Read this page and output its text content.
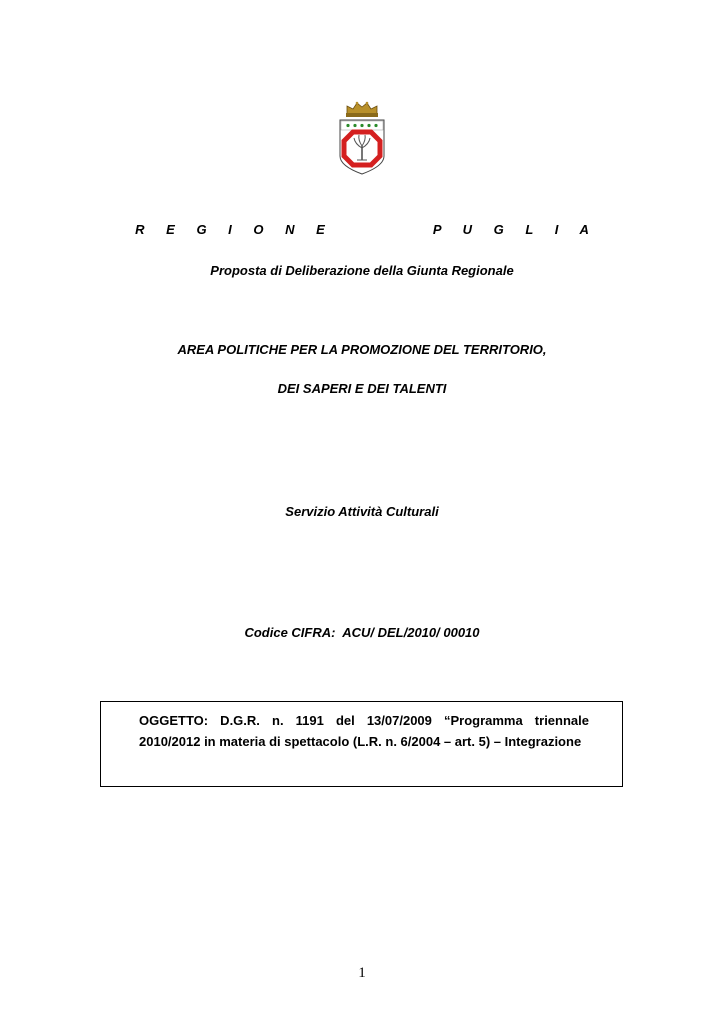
R E G I O N E     P U G L I A
Proposta di Deliberazione della Giunta Regionale
AREA POLITICHE PER LA PROMOZIONE DEL TERRITORIO,
DEI SAPERI E DEI TALENTI
Servizio Attività Culturali
Codice CIFRA:  ACU/ DEL/2010/ 00010
OGGETTO: D.G.R. n. 1191 del 13/07/2009 “Programma triennale 2010/2012 in materia di spettacolo (L.R. n. 6/2004 – art. 5) – Integrazione
1
